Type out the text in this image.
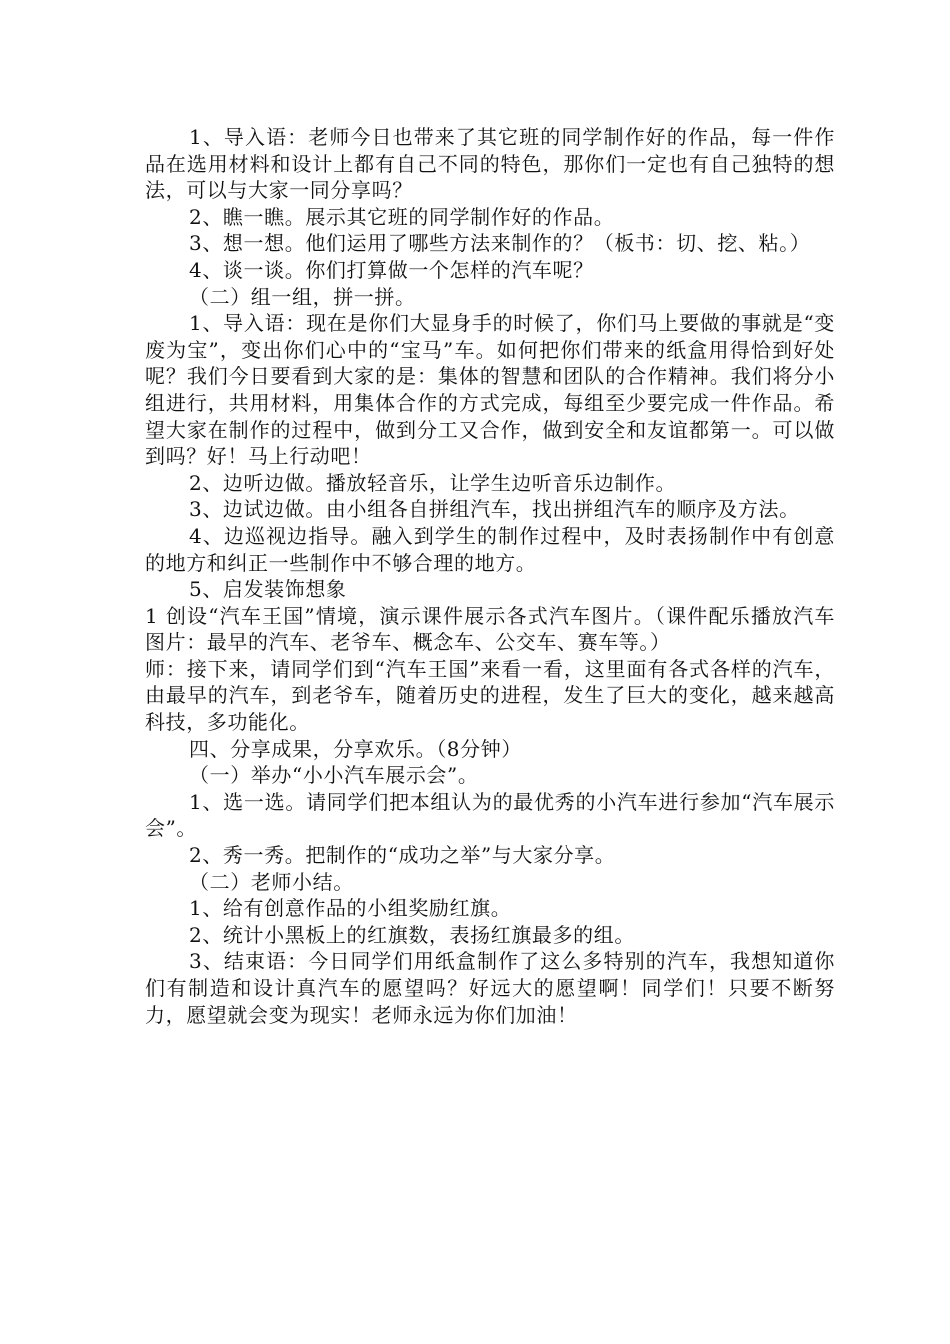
1、导入语：老师今日也带来了其它班的同学制作好的作品，每一件作品在选用材料和设计上都有自己不同的特色，那你们一定也有自己独特的想法，可以与大家一同分享吗？

2、瞧一瞧。展示其它班的同学制作好的作品。

3、想一想。他们运用了哪些方法来制作的？（板书：切、挖、粘。）

4、谈一谈。你们打算做一个怎样的汽车呢？

（二）组一组，拼一拼。

1、导入语：现在是你们大显身手的时候了，你们马上要做的事就是“变废为宝”，变出你们心中的“宝马”车。如何把你们带来的纸盒用得恰到好处呢？我们今日要看到大家的是：集体的智慧和团队的合作精神。我们将分小组进行，共用材料，用集体合作的方式完成，每组至少要完成一件作品。希望大家在制作的过程中，做到分工又合作，做到安全和友谊都第一。可以做到吗？好！马上行动吧！

2、边听边做。播放轻音乐，让学生边听音乐边制作。

3、边试边做。由小组各自拼组汽车，找出拼组汽车的顺序及方法。

4、边巡视边指导。融入到学生的制作过程中，及时表扬制作中有创意的地方和纠正一些制作中不够合理的地方。

5、启发装饰想象

1 创设“汽车王国”情境，演示课件展示各式汽车图片。（课件配乐播放汽车图片：最早的汽车、老爷车、概念车、公交车、赛车等。）

师：接下来，请同学们到“汽车王国”来看一看，这里面有各式各样的汽车，由最早的汽车，到老爷车，随着历史的进程，发生了巨大的变化，越来越高科技，多功能化。

四、分享成果，分享欢乐。（8分钟）

（一）举办“小小汽车展示会”。

1、选一选。请同学们把本组认为的最优秀的小汽车进行参加“汽车展示会”。

2、秀一秀。把制作的“成功之举”与大家分享。

（二）老师小结。

1、给有创意作品的小组奖励红旗。

2、统计小黑板上的红旗数，表扬红旗最多的组。

3、结束语：今日同学们用纸盒制作了这么多特别的汽车，我想知道你们有制造和设计真汽车的愿望吗？好远大的愿望啊！同学们！只要不断努力，愿望就会变为现实！老师永远为你们加油！
